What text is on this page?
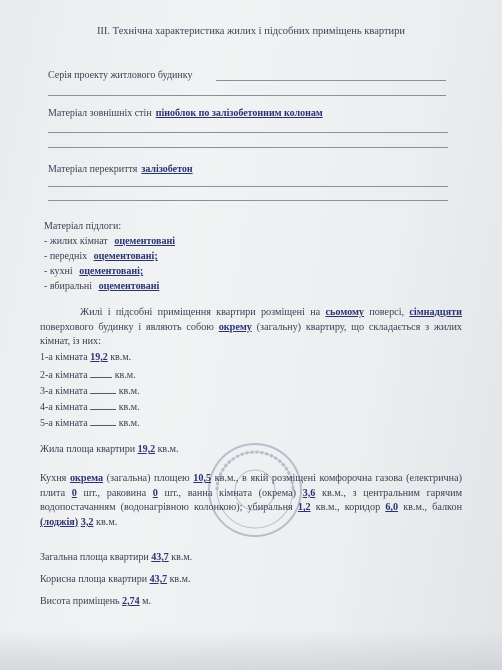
ІІІ. Технічна характеристика жилих і підсобних приміщень квартири
Серія проекту житлового будинку
Матеріал зовнішніх стін піноблок по залізобетонним колонам
Матеріал перекриття залізобетон
Матеріал підлоги:
- жилих кімнат оцементовані
- передніх оцементовані;
- кухні оцементовані;
- вбиральні оцементовані
Жилі і підсобні приміщення квартири розміщені на сьомому поверсі, сімнадцяти поверхового будинку і являють собою окрему (загальну) квартиру, що складається з жилих кімнат, із них:
1-а кімната 19,2 кв.м.
2-а кімната	кв.м.
3-а кімната	кв.м.
4-а кімната	кв.м.
5-а кімната	кв.м.
Жила площа квартири 19,2 кв.м.
Кухня окрема (загальна) площею 10,5 кв.м., в якій розміщені комфорочна газова (електрична) плита 0 шт., раковина 0 шт., ванна кімната (окрема) 3,6 кв.м., з центральним гарячим водопостачанням (водонагрівною колонкою); убиральня 1,2 кв.м., коридор 6,0 кв.м., балкон (лоджія) 3,2 кв.м.
Загальна площа квартири 43,7 кв.м.
Корисна площа квартири 43,7 кв.м.
Висота приміщень 2,74 м.
